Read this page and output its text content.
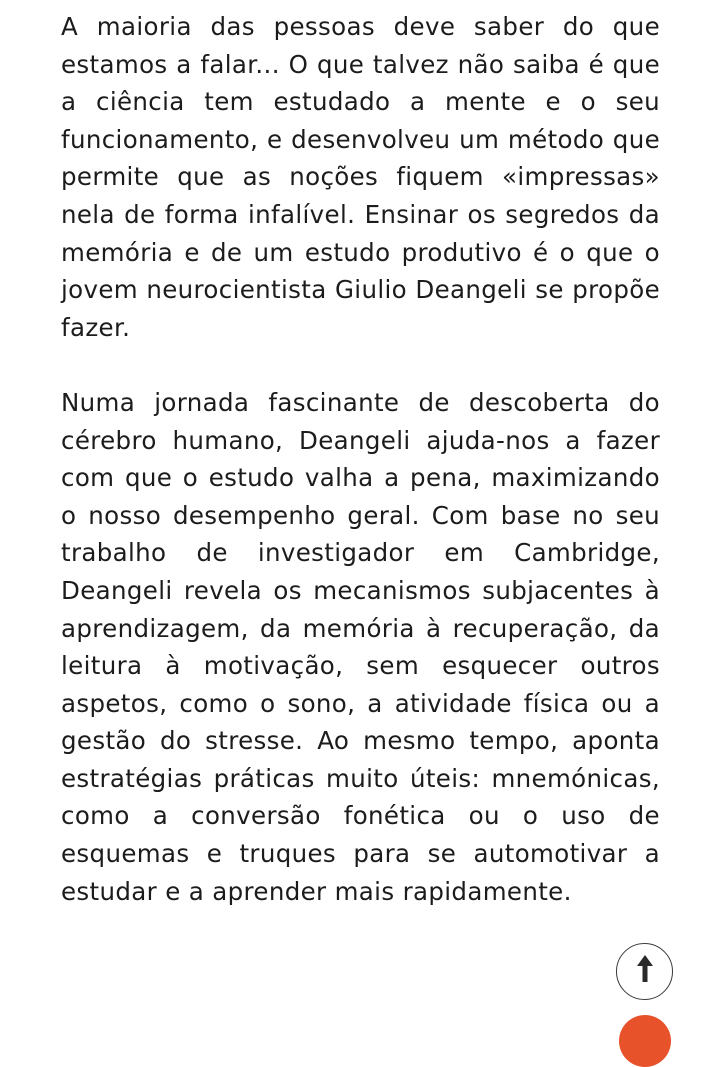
A maioria das pessoas deve saber do que estamos a falar... O que talvez não saiba é que a ciência tem estudado a mente e o seu funcionamento, e desenvolveu um método que permite que as noções fiquem «impressas» nela de forma infalível. Ensinar os segredos da memória e de um estudo produtivo é o que o jovem neurocientista Giulio Deangeli se propõe fazer.

Numa jornada fascinante de descoberta do cérebro humano, Deangeli ajuda-nos a fazer com que o estudo valha a pena, maximizando o nosso desempenho geral. Com base no seu trabalho de investigador em Cambridge, Deangeli revela os mecanismos subjacentes à aprendizagem, da memória à recuperação, da leitura à motivação, sem esquecer outros aspetos, como o sono, a atividade física ou a gestão do stresse. Ao mesmo tempo, aponta estratégias práticas muito úteis: mnemónicas, como a conversão fonética ou o uso de esquemas e truques para se automotivar a estudar e a aprender mais rapidamente.
